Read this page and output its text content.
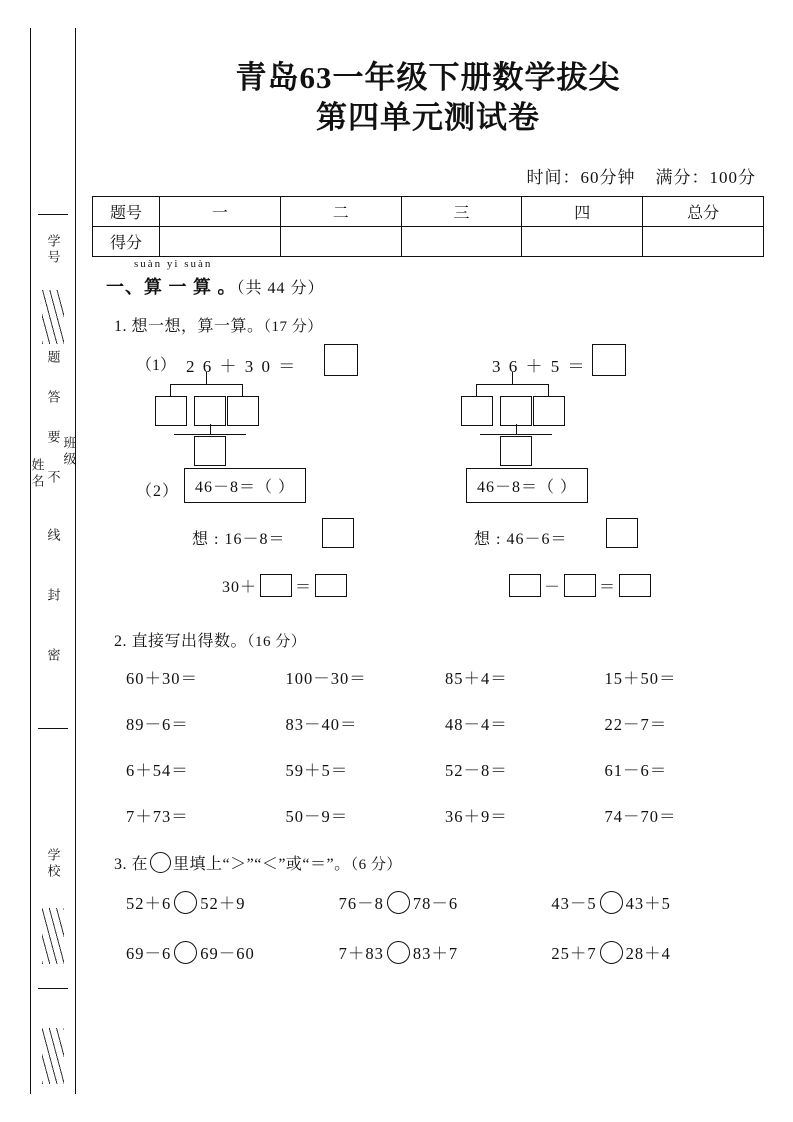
学号
题
答
要
不
线
封
密
班级
姓名
学校
青岛63一年级下册数学拔尖
第四单元测试卷
时间：60分钟 满分：100分
题号	一	二	三	四	总分
得分					
suàn yi suàn
一、算 一 算 。（共 44 分）
1. 想一想，算一算。（17 分）
（1） 2 6 ＋ 3 0 ＝	3 6 ＋ 5 ＝
（2） 46－8＝（ ）	46－8＝（ ）
想 : 16－8＝	想 : 46－6＝
30＋ ＝	－ ＝
2. 直接写出得数。（16 分）
60＋30＝	100－30＝	85＋4＝	15＋50＝
89－6＝	83－40＝	48－4＝	22－7＝
6＋54＝	59＋5＝	52－8＝	61－6＝
7＋73＝	50－9＝	36＋9＝	74－70＝
3. 在 里填上“＞”“＜”或“＝”。（6 分）
52＋6 52＋9	76－8 78－6	43－5 43＋5
69－6 69－60	7＋83 83＋7	25＋7 28＋4
